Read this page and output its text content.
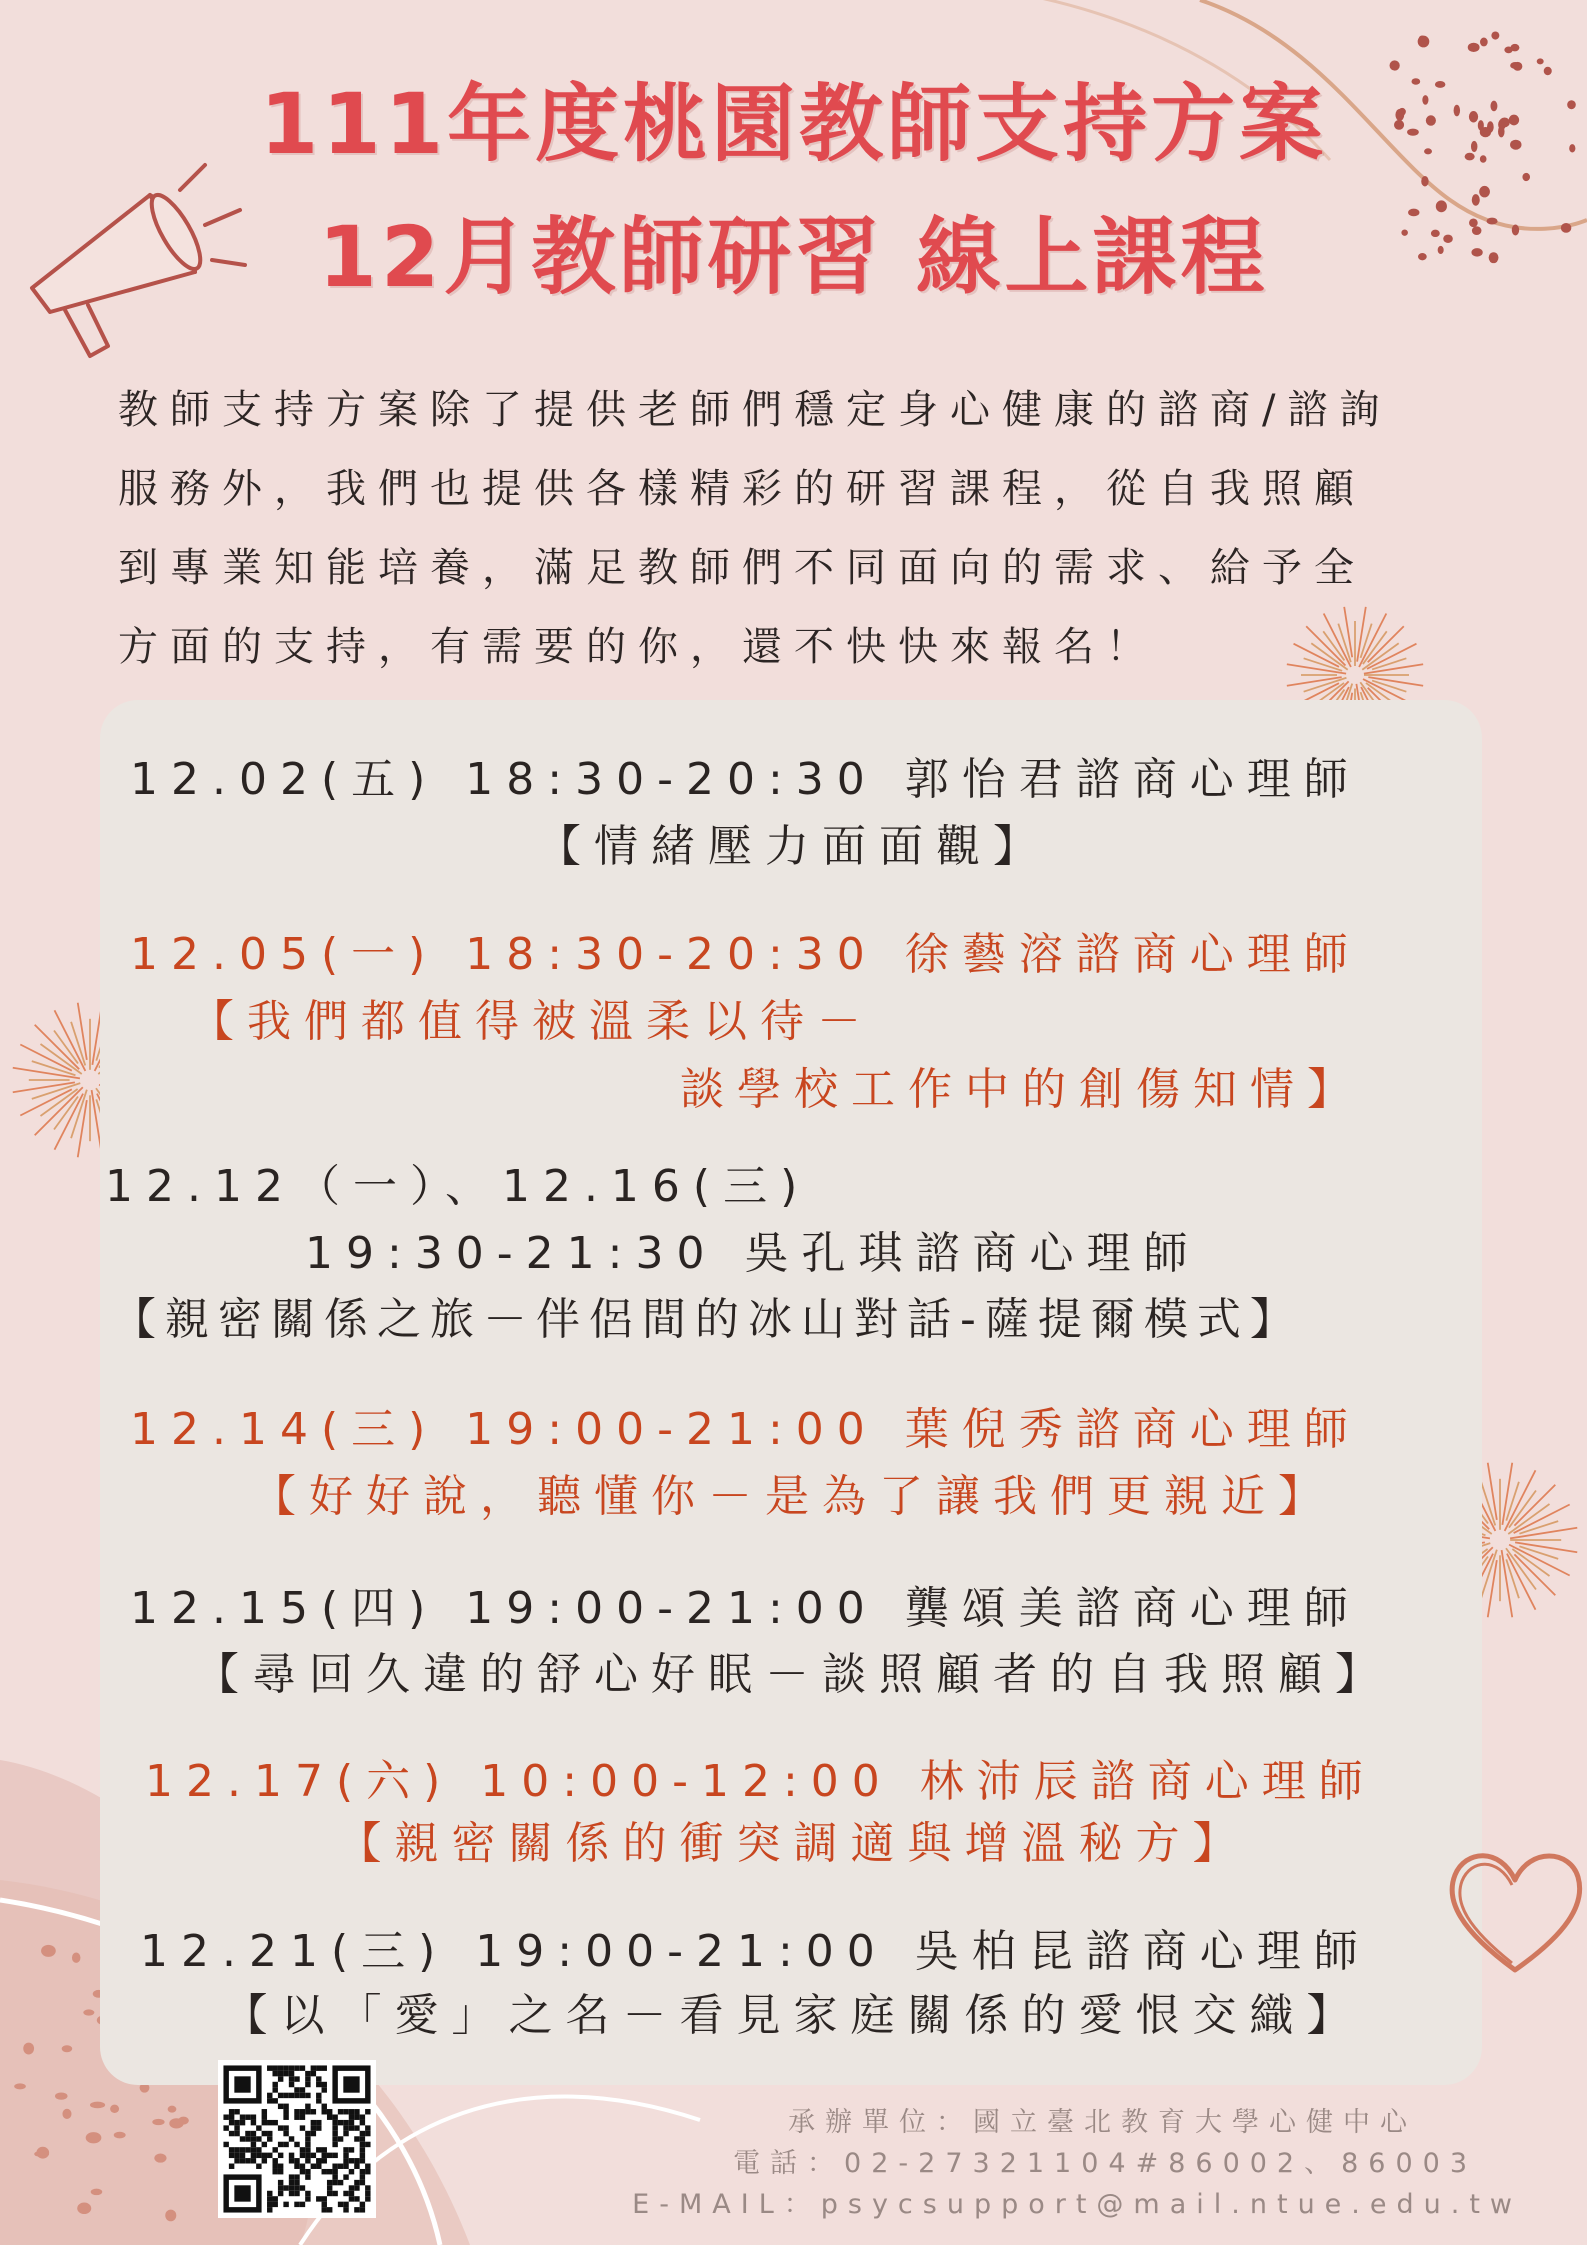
111年度桃園教師支持方案
12月教師研習 線上課程
教師支持方案除了提供老師們穩定身心健康的諮商/諮詢
服務外，我們也提供各樣精彩的研習課程，從自我照顧
到專業知能培養，滿足教師們不同面向的需求、給予全
方面的支持，有需要的你，還不快快來報名！
12.02(五) 18:30-20:30 郭怡君諮商心理師
【情緒壓力面面觀】
12.05(一) 18:30-20:30 徐藝溶諮商心理師
【我們都值得被溫柔以待－
談學校工作中的創傷知情】
12.12（一）、12.16(三)
19:30-21:30 吳孔琪諮商心理師
【親密關係之旅－伴侶間的冰山對話-薩提爾模式】
12.14(三) 19:00-21:00 葉倪秀諮商心理師
【好好說，聽懂你－是為了讓我們更親近】
12.15(四) 19:00-21:00 龔頌美諮商心理師
【尋回久違的舒心好眠－談照顧者的自我照顧】
12.17(六) 10:00-12:00 林沛辰諮商心理師
【親密關係的衝突調適與增溫秘方】
12.21(三) 19:00-21:00 吳柏昆諮商心理師
【以「愛」之名－看見家庭關係的愛恨交織】
承辦單位：國立臺北教育大學心健中心
電話：02-27321104#86002、86003
E-MAIL：psycsupport@mail.ntue.edu.tw
